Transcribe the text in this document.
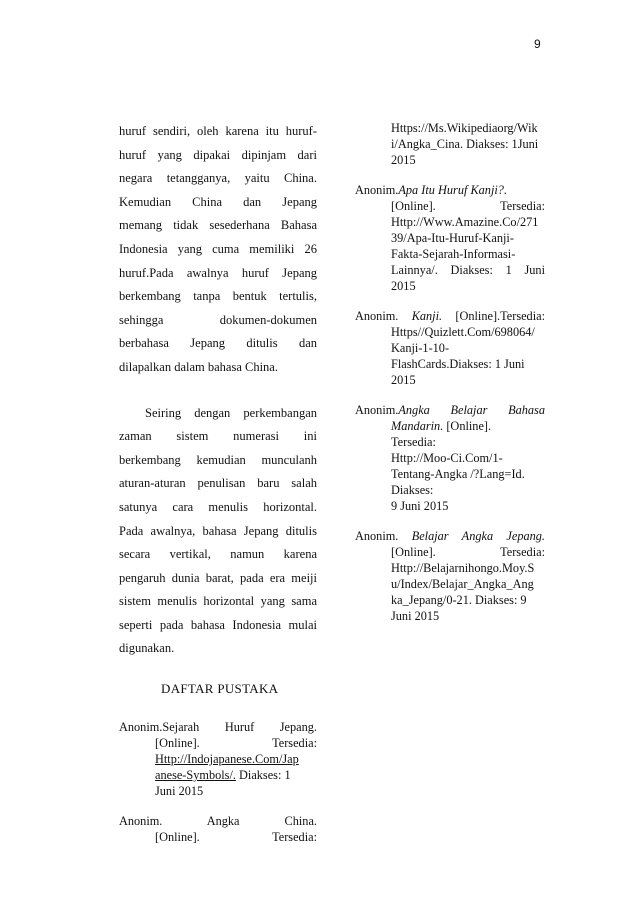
9

huruf sendiri, oleh karena itu huruf-

huruf yang dipakai dipinjam dari

negara tetangganya, yaitu China.

Kemudian China dan Jepang

memang tidak sesederhana Bahasa

Indonesia yang cuma memiliki 26

huruf.Pada awalnya huruf Jepang

berkembang tanpa bentuk tertulis,

sehingga dokumen-dokumen

berbahasa Jepang ditulis dan

dilapalkan dalam bahasa China.

Seiring dengan perkembangan

zaman sistem numerasi ini

berkembang kemudian munculanh

aturan-aturan penulisan baru salah

satunya cara menulis horizontal.

Pada awalnya, bahasa Jepang ditulis

secara vertikal, namun karena

pengaruh dunia barat, pada era meiji

sistem menulis horizontal yang sama

seperti pada bahasa Indonesia mulai

digunakan.

DAFTAR PUSTAKA
Anonim.Sejarah Huruf Jepang.
[Online]. Tersedia:
Http://Indojapanese.Com/Jap
anese-Symbols/. Diakses: 1
Juni 2015
Anonim. Angka China.
[Online]. Tersedia:
Https://Ms.Wikipediaorg/Wik
i/Angka_Cina. Diakses: 1Juni
2015
Anonim.Apa Itu Huruf Kanji?.
[Online]. Tersedia:
Http://Www.Amazine.Co/271
39/Apa-Itu-Huruf-Kanji-
Fakta-Sejarah-Informasi-
Lainnya/. Diakses: 1 Juni
2015
Anonim. Kanji. [Online].Tersedia:
Https//Quizlett.Com/698064/
Kanji-1-10-
FlashCards.Diakses: 1 Juni
2015
Anonim.Angka Belajar Bahasa
Mandarin. [Online].
Tersedia:
Http://Moo-Ci.Com/1-
Tentang-Angka /?Lang=Id.
Diakses:
9 Juni 2015
Anonim. Belajar Angka Jepang.
[Online]. Tersedia:
Http://Belajarnihongo.Moy.S
u/Index/Belajar_Angka_Ang
ka_Jepang/0-21. Diakses: 9
Juni 2015
